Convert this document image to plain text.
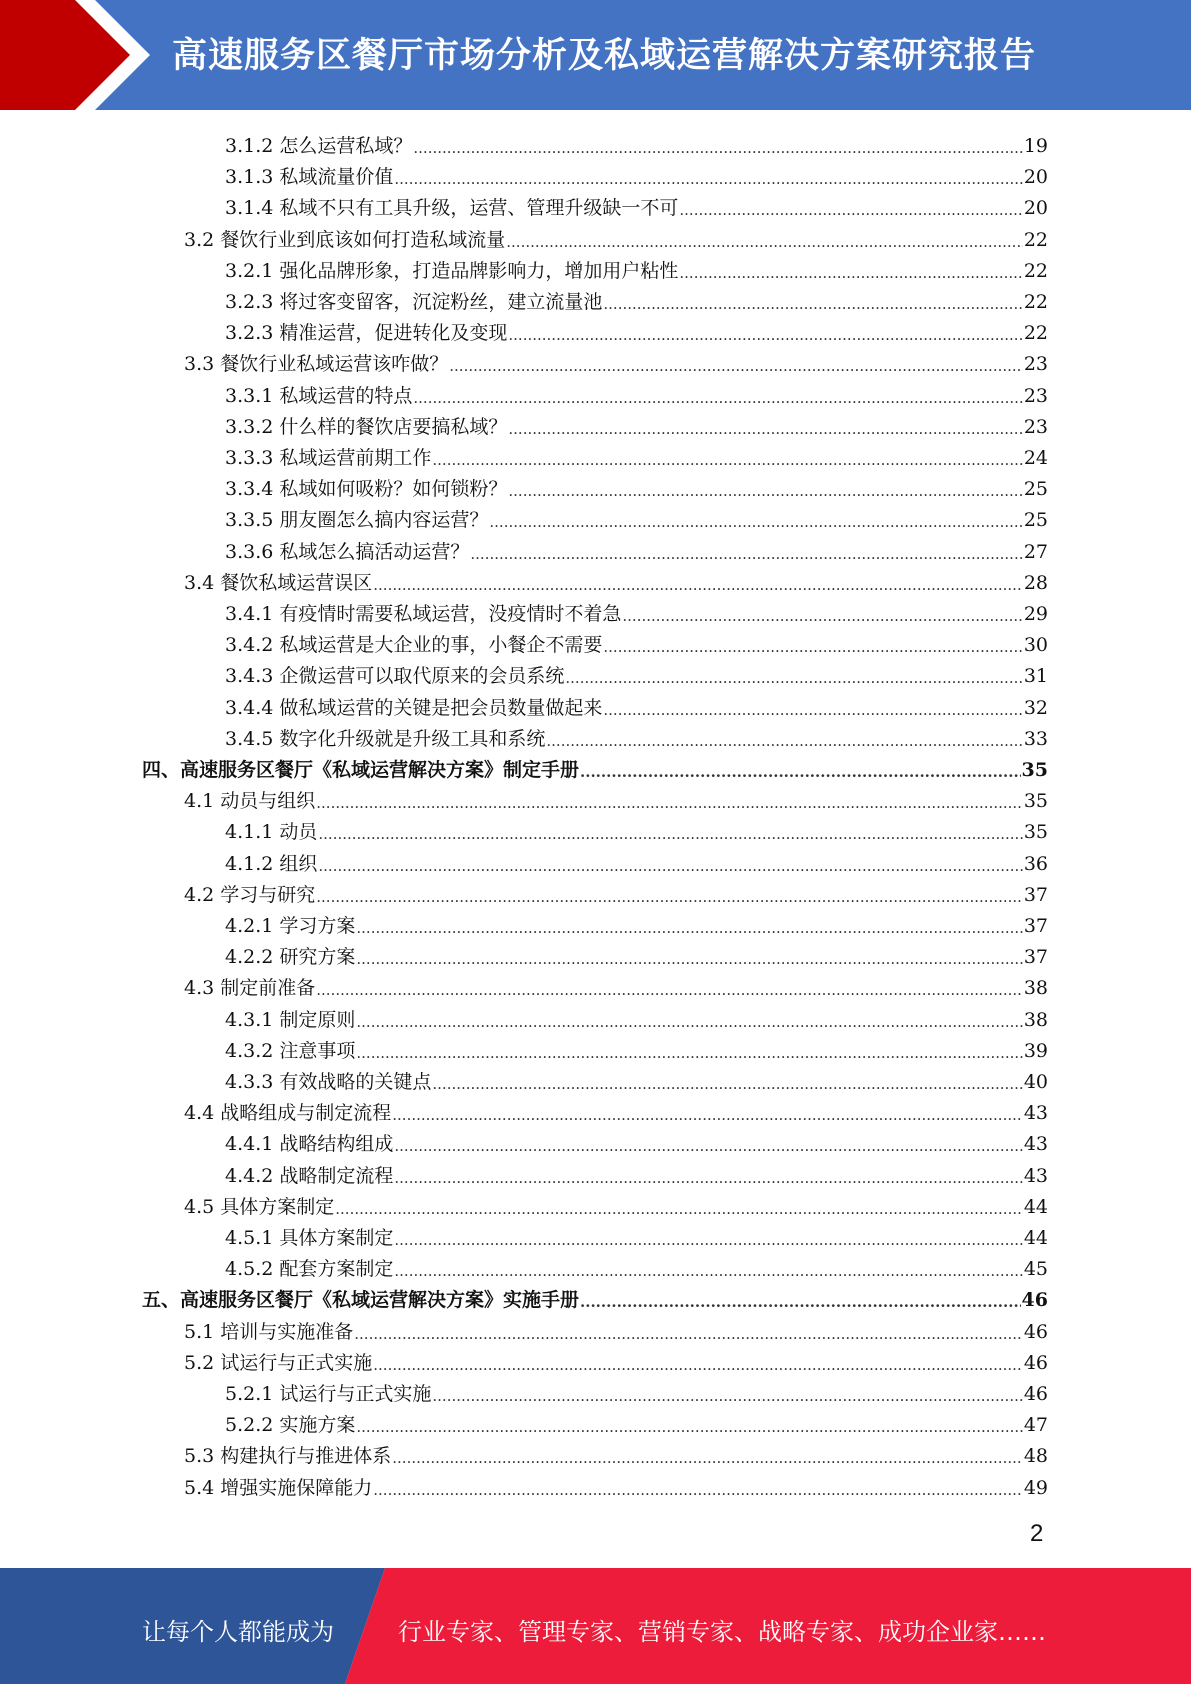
高速服务区餐厅市场分析及私域运营解决方案研究报告
3.1.2 怎么运营私域？ .....	19
3.1.3 私域流量价值 .....	20
3.1.4 私域不只有工具升级，运营、管理升级缺一不可 .....	20
3.2 餐饮行业到底该如何打造私域流量 .....	22
3.2.1 强化品牌形象，打造品牌影响力，增加用户粘性 .....	22
3.2.3 将过客变留客，沉淀粉丝，建立流量池 .....	22
3.2.3 精准运营，促进转化及变现 .....	22
3.3 餐饮行业私域运营该咋做？ .....	23
3.3.1 私域运营的特点 .....	23
3.3.2 什么样的餐饮店要搞私域？ .....	23
3.3.3 私域运营前期工作 .....	24
3.3.4 私域如何吸粉？如何锁粉？ .....	25
3.3.5 朋友圈怎么搞内容运营？ .....	25
3.3.6 私域怎么搞活动运营？ .....	27
3.4 餐饮私域运营误区 .....	28
3.4.1 有疫情时需要私域运营，没疫情时不着急 .....	29
3.4.2 私域运营是大企业的事，小餐企不需要 .....	30
3.4.3 企微运营可以取代原来的会员系统 .....	31
3.4.4 做私域运营的关键是把会员数量做起来 .....	32
3.4.5 数字化升级就是升级工具和系统 .....	33
四、高速服务区餐厅《私域运营解决方案》制定手册 .....	35
4.1 动员与组织 .....	35
4.1.1 动员 .....	35
4.1.2 组织 .....	36
4.2 学习与研究 .....	37
4.2.1 学习方案 .....	37
4.2.2 研究方案 .....	37
4.3 制定前准备 .....	38
4.3.1 制定原则 .....	38
4.3.2 注意事项 .....	39
4.3.3 有效战略的关键点 .....	40
4.4 战略组成与制定流程 .....	43
4.4.1 战略结构组成 .....	43
4.4.2 战略制定流程 .....	43
4.5 具体方案制定 .....	44
4.5.1 具体方案制定 .....	44
4.5.2 配套方案制定 .....	45
五、高速服务区餐厅《私域运营解决方案》实施手册 .....	46
5.1 培训与实施准备 .....	46
5.2 试运行与正式实施 .....	46
5.2.1 试运行与正式实施 .....	46
5.2.2 实施方案 .....	47
5.3 构建执行与推进体系 .....	48
5.4 增强实施保障能力 .....	49
2
让每个人都能成为	行业专家、管理专家、营销专家、战略专家、成功企业家……
